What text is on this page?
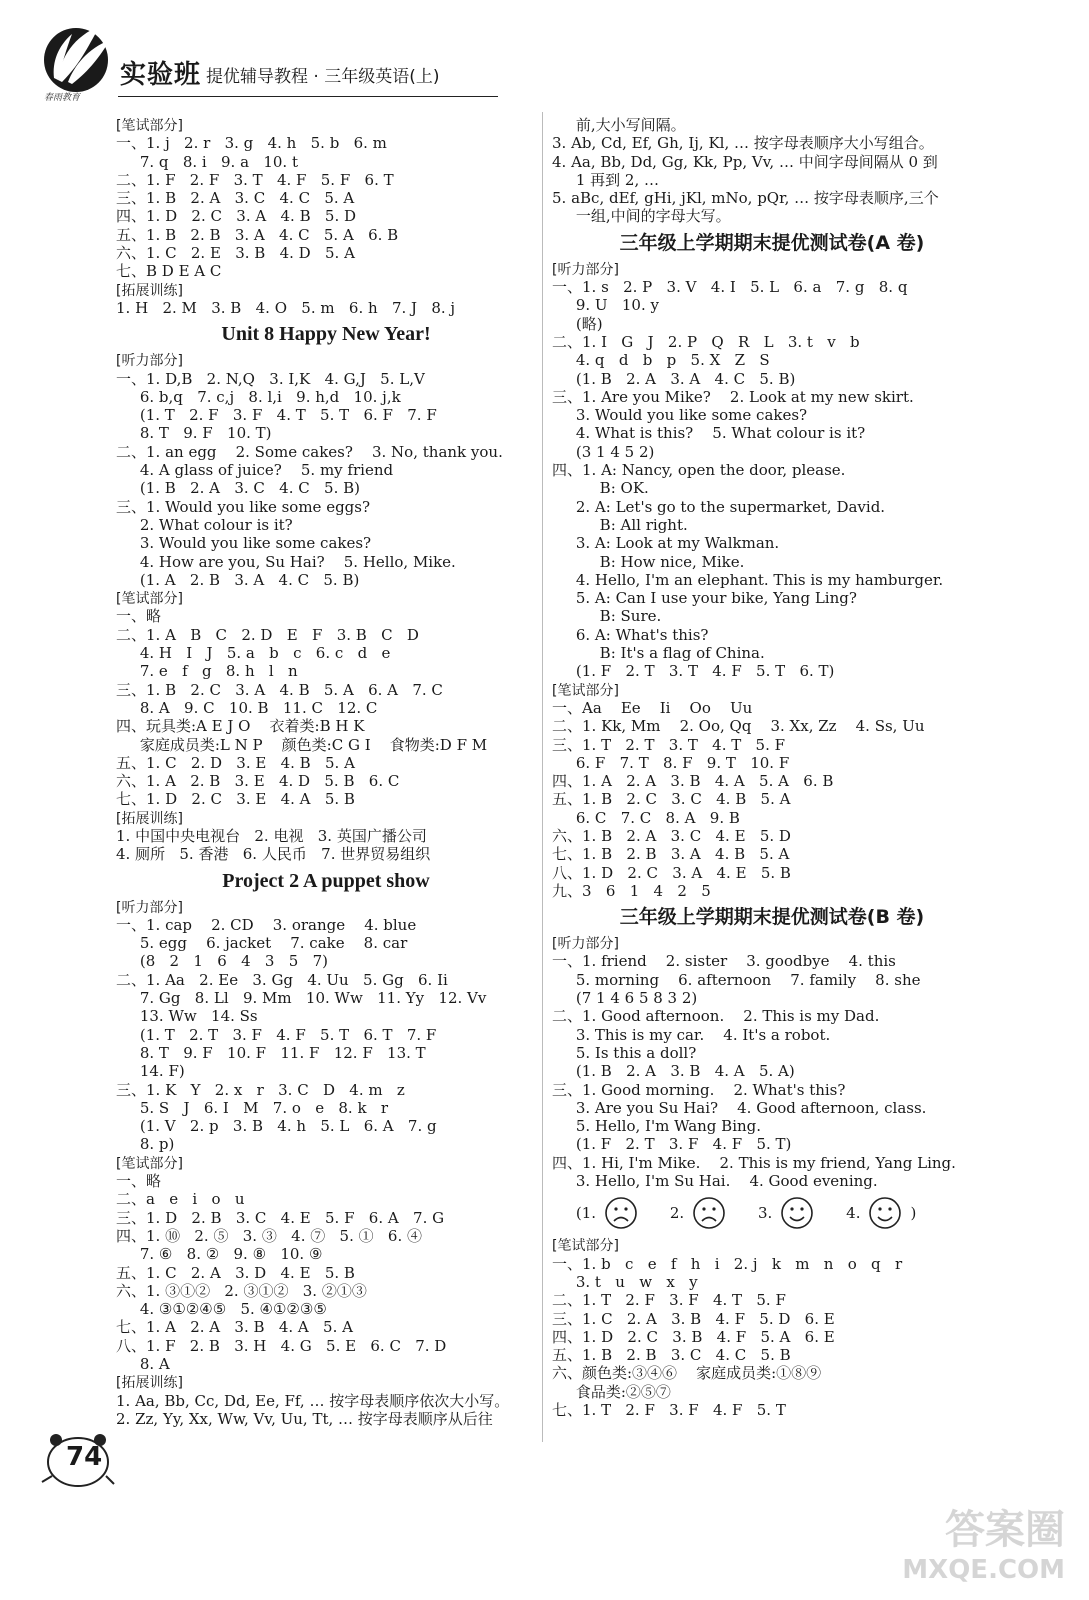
春雨教育
实验班 提优辅导教程 · 三年级英语(上)
[笔试部分]
一、1. j   2. r   3. g   4. h   5. b   6. m
7. q   8. i   9. a   10. t
二、1. F   2. F   3. T   4. F   5. F   6. T
三、1. B   2. A   3. C   4. C   5. A
四、1. D   2. C   3. A   4. B   5. D
五、1. B   2. B   3. A   4. C   5. A   6. B
六、1. C   2. E   3. B   4. D   5. A
七、B D E A C
[拓展训练]
1. H   2. M   3. B   4. O   5. m   6. h   7. J   8. j
Unit 8 Happy New Year!
[听力部分]
一、1. D,B   2. N,Q   3. I,K   4. G,J   5. L,V
6. b,q   7. c,j   8. l,i   9. h,d   10. j,k
(1. T   2. F   3. F   4. T   5. T   6. F   7. F
8. T   9. F   10. T)
二、1. an egg    2. Some cakes?    3. No, thank you.
4. A glass of juice?    5. my friend
(1. B   2. A   3. C   4. C   5. B)
三、1. Would you like some eggs?
2. What colour is it?
3. Would you like some cakes?
4. How are you, Su Hai?    5. Hello, Mike.
(1. A   2. B   3. A   4. C   5. B)
[笔试部分]
一、略
二、1. A   B   C   2. D   E   F   3. B   C   D
4. H   I   J   5. a   b   c   6. c   d   e
7. e   f   g   8. h   l   n
三、1. B   2. C   3. A   4. B   5. A   6. A   7. C
8. A   9. C   10. B   11. C   12. C
四、玩具类:A E J O    衣着类:B H K
家庭成员类:L N P    颜色类:C G I    食物类:D F M
五、1. C   2. D   3. E   4. B   5. A
六、1. A   2. B   3. E   4. D   5. B   6. C
七、1. D   2. C   3. E   4. A   5. B
[拓展训练]
1. 中国中央电视台   2. 电视   3. 英国广播公司
4. 厕所   5. 香港   6. 人民币   7. 世界贸易组织
Project 2 A puppet show
[听力部分]
一、1. cap    2. CD    3. orange    4. blue
5. egg    6. jacket    7. cake    8. car
(8   2   1   6   4   3   5   7)
二、1. Aa   2. Ee   3. Gg   4. Uu   5. Gg   6. Ii
7. Gg   8. Ll   9. Mm   10. Ww   11. Yy   12. Vv
13. Ww   14. Ss
(1. T   2. T   3. F   4. F   5. T   6. T   7. F
8. T   9. F   10. F   11. F   12. F   13. T
14. F)
三、1. K   Y   2. x   r   3. C   D   4. m   z
5. S   J   6. I   M   7. o   e   8. k   r
(1. V   2. p   3. B   4. h   5. L   6. A   7. g
8. p)
[笔试部分]
一、略
二、a   e   i   o   u
三、1. D   2. B   3. C   4. E   5. F   6. A   7. G
四、1. ⑩   2. ⑤   3. ③   4. ⑦   5. ①   6. ④
7. ⑥   8. ②   9. ⑧   10. ⑨
五、1. C   2. A   3. D   4. E   5. B
六、1. ③①②   2. ③①②   3. ②①③
4. ③①②④⑤   5. ④①②③⑤
七、1. A   2. A   3. B   4. A   5. A
八、1. F   2. B   3. H   4. G   5. E   6. C   7. D
8. A
[拓展训练]
1. Aa, Bb, Cc, Dd, Ee, Ff, … 按字母表顺序依次大小写。
2. Zz, Yy, Xx, Ww, Vv, Uu, Tt, … 按字母表顺序从后往
前,大小写间隔。
3. Ab, Cd, Ef, Gh, Ij, Kl, … 按字母表顺序大小写组合。
4. Aa, Bb, Dd, Gg, Kk, Pp, Vv, … 中间字母间隔从 0 到
1 再到 2, …
5. aBc, dEf, gHi, jKl, mNo, pQr, … 按字母表顺序,三个
一组,中间的字母大写。
三年级上学期期末提优测试卷(A 卷)
[听力部分]
一、1. s   2. P   3. V   4. I   5. L   6. a   7. g   8. q
9. U   10. y
(略)
二、1. I   G   J   2. P   Q   R   L   3. t   v   b
4. q   d   b   p   5. X   Z   S
(1. B   2. A   3. A   4. C   5. B)
三、1. Are you Mike?    2. Look at my new skirt.
3. Would you like some cakes?
4. What is this?    5. What colour is it?
(3 1 4 5 2)
四、1. A: Nancy, open the door, please.
B: OK.
2. A: Let's go to the supermarket, David.
B: All right.
3. A: Look at my Walkman.
B: How nice, Mike.
4. Hello, I'm an elephant. This is my hamburger.
5. A: Can I use your bike, Yang Ling?
B: Sure.
6. A: What's this?
B: It's a flag of China.
(1. F   2. T   3. T   4. F   5. T   6. T)
[笔试部分]
一、Aa    Ee    Ii    Oo    Uu
二、1. Kk, Mm    2. Oo, Qq    3. Xx, Zz    4. Ss, Uu
三、1. T   2. T   3. T   4. T   5. F
6. F   7. T   8. F   9. T   10. F
四、1. A   2. A   3. B   4. A   5. A   6. B
五、1. B   2. C   3. C   4. B   5. A
6. C   7. C   8. A   9. B
六、1. B   2. A   3. C   4. E   5. D
七、1. B   2. B   3. A   4. B   5. A
八、1. D   2. C   3. A   4. E   5. B
九、3   6   1   4   2   5
三年级上学期期末提优测试卷(B 卷)
[听力部分]
一、1. friend    2. sister    3. goodbye    4. this
5. morning    6. afternoon    7. family    8. she
(7 1 4 6 5 8 3 2)
二、1. Good afternoon.    2. This is my Dad.
3. This is my car.    4. It's a robot.
5. Is this a doll?
(1. B   2. A   3. B   4. A   5. A)
三、1. Good morning.    2. What's this?
3. Are you Su Hai?    4. Good afternoon, class.
5. Hello, I'm Wang Bing.
(1. F   2. T   3. F   4. F   5. T)
四、1. Hi, I'm Mike.    2. This is my friend, Yang Ling.
3. Hello, I'm Su Hai.    4. Good evening.
(1.	2.	3.	4.	)
[笔试部分]
一、1. b   c   e   f   h   i   2. j   k   m   n   o   q   r
3. t   u   w   x   y
二、1. T   2. F   3. F   4. T   5. F
三、1. C   2. A   3. B   4. F   5. D   6. E
四、1. D   2. C   3. B   4. F   5. A   6. E
五、1. B   2. B   3. C   4. C   5. B
六、颜色类:③④⑥    家庭成员类:①⑧⑨
食品类:②⑤⑦
七、1. T   2. F   3. F   4. F   5. T
74
答案圈
MXQE.COM
